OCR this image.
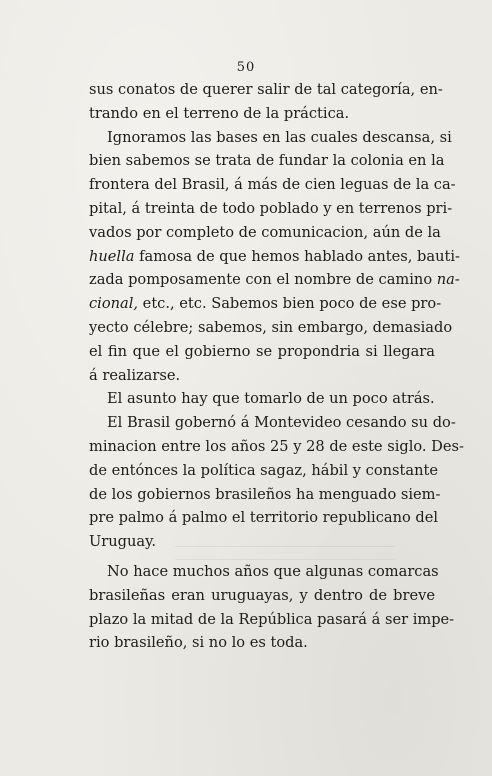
50
sus conatos de querer salir de tal categoría, en-
trando en el terreno de la práctica.
Ignoramos las bases en las cuales descansa, si
bien sabemos se trata de fundar la colonia en la
frontera del Brasil, á más de cien leguas de la ca-
pital, á treinta de todo poblado y en terrenos pri-
vados por completo de comunicacion, aún de la
huella famosa de que hemos hablado antes, bauti-
zada pomposamente con el nombre de camino na-
cional, etc., etc. Sabemos bien poco de ese pro-
yecto célebre; sabemos, sin embargo, demasiado
el fin que el gobierno se propondria si llegara
á realizarse.
El asunto hay que tomarlo de un poco atrás.
El Brasil gobernó á Montevideo cesando su do-
minacion entre los años 25 y 28 de este siglo. Des-
de entónces la política sagaz, hábil y constante
de los gobiernos brasileños ha menguado siem-
pre palmo á palmo el territorio republicano del
Uruguay.
No hace muchos años que algunas comarcas
brasileñas eran uruguayas, y dentro de breve
plazo la mitad de la República pasará á ser impe-
rio brasileño, si no lo es toda.
